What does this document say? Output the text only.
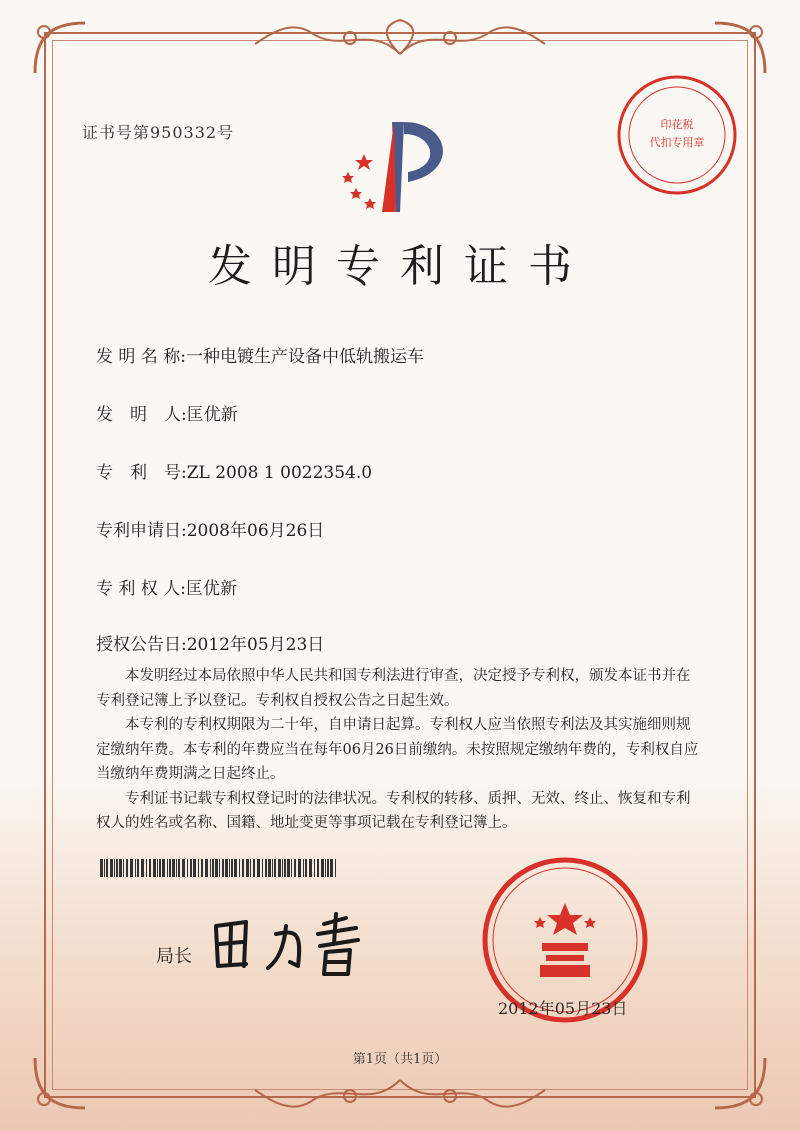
证书号第950332号	印花税
代扣专用章
发明专利证书
发 明 名 称:一种电镀生产设备中低轨搬运车
发　明　人:匡优新
专　利　号:ZL 2008 1 0022354.0
专利申请日:2008年06月26日
专 利 权 人:匡优新
授权公告日:2012年05月23日

本发明经过本局依照中华人民共和国专利法进行审查，决定授予专利权，颁发本证书并在专利登记簿上予以登记。专利权自授权公告之日起生效。

本专利的专利权期限为二十年，自申请日起算。专利权人应当依照专利法及其实施细则规定缴纳年费。本专利的年费应当在每年06月26日前缴纳。未按照规定缴纳年费的，专利权自应当缴纳年费期满之日起终止。

专利证书记载专利权登记时的法律状况。专利权的转移、质押、无效、终止、恢复和专利权人的姓名或名称、国籍、地址变更等事项记载在专利登记簿上。

局长
2012年05月23日
第1页（共1页）
